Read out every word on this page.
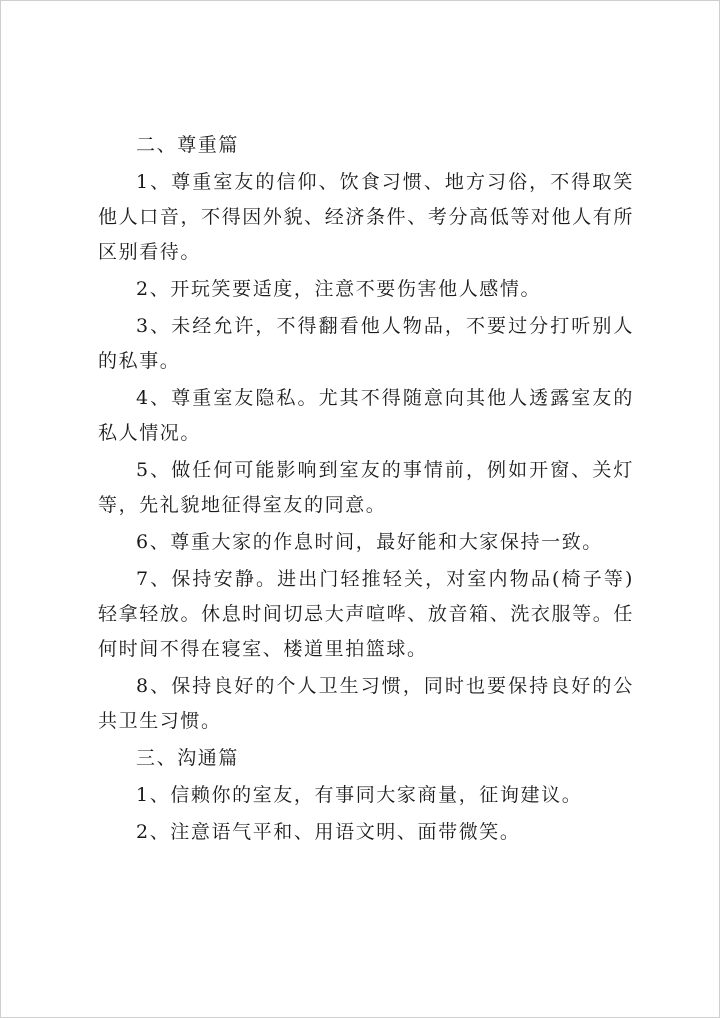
二、尊重篇

1、尊重室友的信仰、饮食习惯、地方习俗，不得取笑他人口音，不得因外貌、经济条件、考分高低等对他人有所区别看待。

2、开玩笑要适度，注意不要伤害他人感情。

3、未经允许，不得翻看他人物品，不要过分打听别人的私事。

4、尊重室友隐私。尤其不得随意向其他人透露室友的私人情况。

5、做任何可能影响到室友的事情前，例如开窗、关灯等，先礼貌地征得室友的同意。

6、尊重大家的作息时间，最好能和大家保持一致。

7、保持安静。进出门轻推轻关，对室内物品(椅子等)轻拿轻放。休息时间切忌大声喧哗、放音箱、洗衣服等。任何时间不得在寝室、楼道里拍篮球。

8、保持良好的个人卫生习惯，同时也要保持良好的公共卫生习惯。

三、沟通篇

1、信赖你的室友，有事同大家商量，征询建议。

2、注意语气平和、用语文明、面带微笑。
